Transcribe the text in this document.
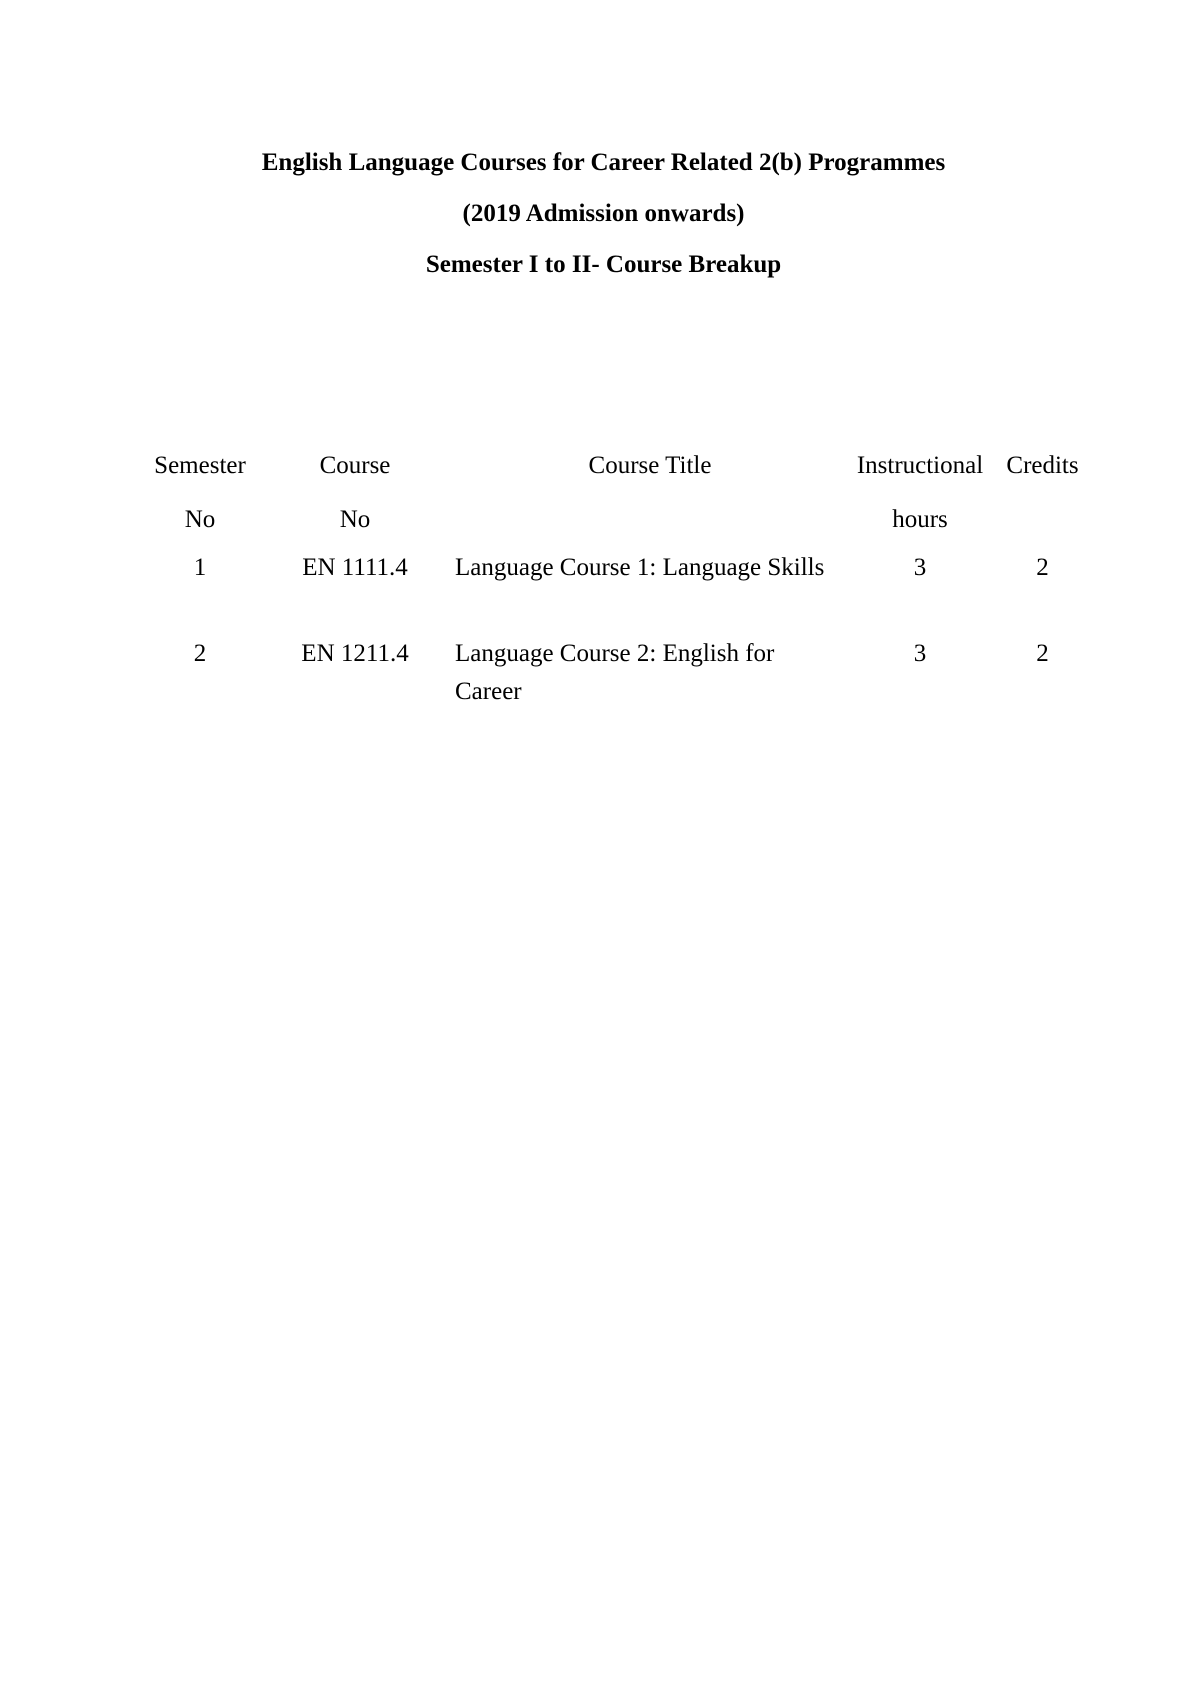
English Language Courses for Career Related 2(b) Programmes
(2019 Admission onwards)
Semester I to II- Course Breakup
Semester	Course	Course Title	Instructional	Credits
No	No		hours	
1	EN 1111.4	Language Course 1: Language Skills	3	2
2	EN 1211.4	Language Course 2: English for Career	3	2
